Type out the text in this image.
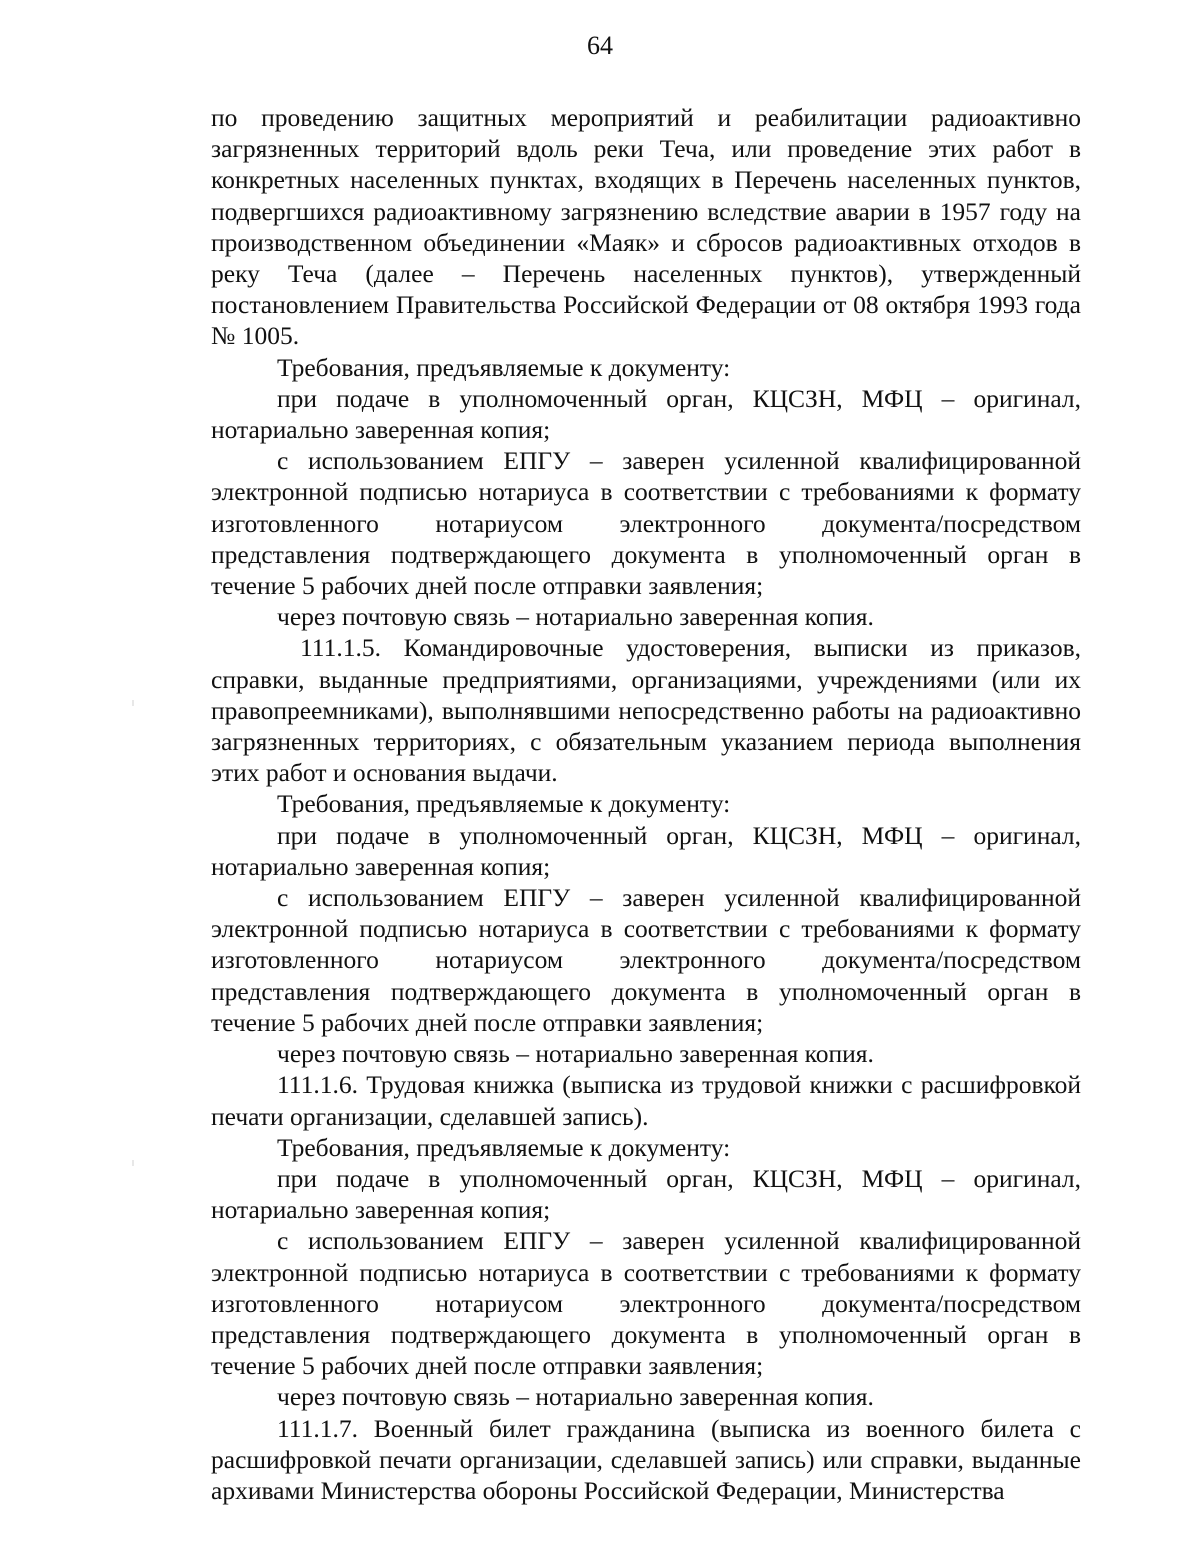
64

по проведению защитных мероприятий и реабилитации радиоактивно загрязненных территорий вдоль реки Теча, или проведение этих работ в конкретных населенных пунктах, входящих в Перечень населенных пунктов, подвергшихся радиоактивному загрязнению вследствие аварии в 1957 году на производственном объединении «Маяк» и сбросов радиоактивных отходов в реку Теча (далее – Перечень населенных пунктов), утвержденный постановлением Правительства Российской Федерации от 08 октября 1993 года № 1005.

Требования, предъявляемые к документу:

при подаче в уполномоченный орган, КЦСЗН, МФЦ – оригинал, нотариально заверенная копия;

с использованием ЕПГУ – заверен усиленной квалифицированной электронной подписью нотариуса в соответствии с требованиями к формату изготовленного нотариусом электронного документа/посредством представления подтверждающего документа в уполномоченный орган в течение 5 рабочих дней после отправки заявления;

через почтовую связь – нотариально заверенная копия.

111.1.5. Командировочные удостоверения, выписки из приказов, справки, выданные предприятиями, организациями, учреждениями (или их правопреемниками), выполнявшими непосредственно работы на радиоактивно загрязненных территориях, с обязательным указанием периода выполнения этих работ и основания выдачи.

Требования, предъявляемые к документу:

при подаче в уполномоченный орган, КЦСЗН, МФЦ – оригинал, нотариально заверенная копия;

с использованием ЕПГУ – заверен усиленной квалифицированной электронной подписью нотариуса в соответствии с требованиями к формату изготовленного нотариусом электронного документа/посредством представления подтверждающего документа в уполномоченный орган в течение 5 рабочих дней после отправки заявления;

через почтовую связь – нотариально заверенная копия.

111.1.6. Трудовая книжка (выписка из трудовой книжки с расшифровкой печати организации, сделавшей запись).

Требования, предъявляемые к документу:

при подаче в уполномоченный орган, КЦСЗН, МФЦ – оригинал, нотариально заверенная копия;

с использованием ЕПГУ – заверен усиленной квалифицированной электронной подписью нотариуса в соответствии с требованиями к формату изготовленного нотариусом электронного документа/посредством представления подтверждающего документа в уполномоченный орган в течение 5 рабочих дней после отправки заявления;

через почтовую связь – нотариально заверенная копия.

111.1.7. Военный билет гражданина (выписка из военного билета с расшифровкой печати организации, сделавшей запись) или справки, выданные архивами Министерства обороны Российской Федерации, Министерства
